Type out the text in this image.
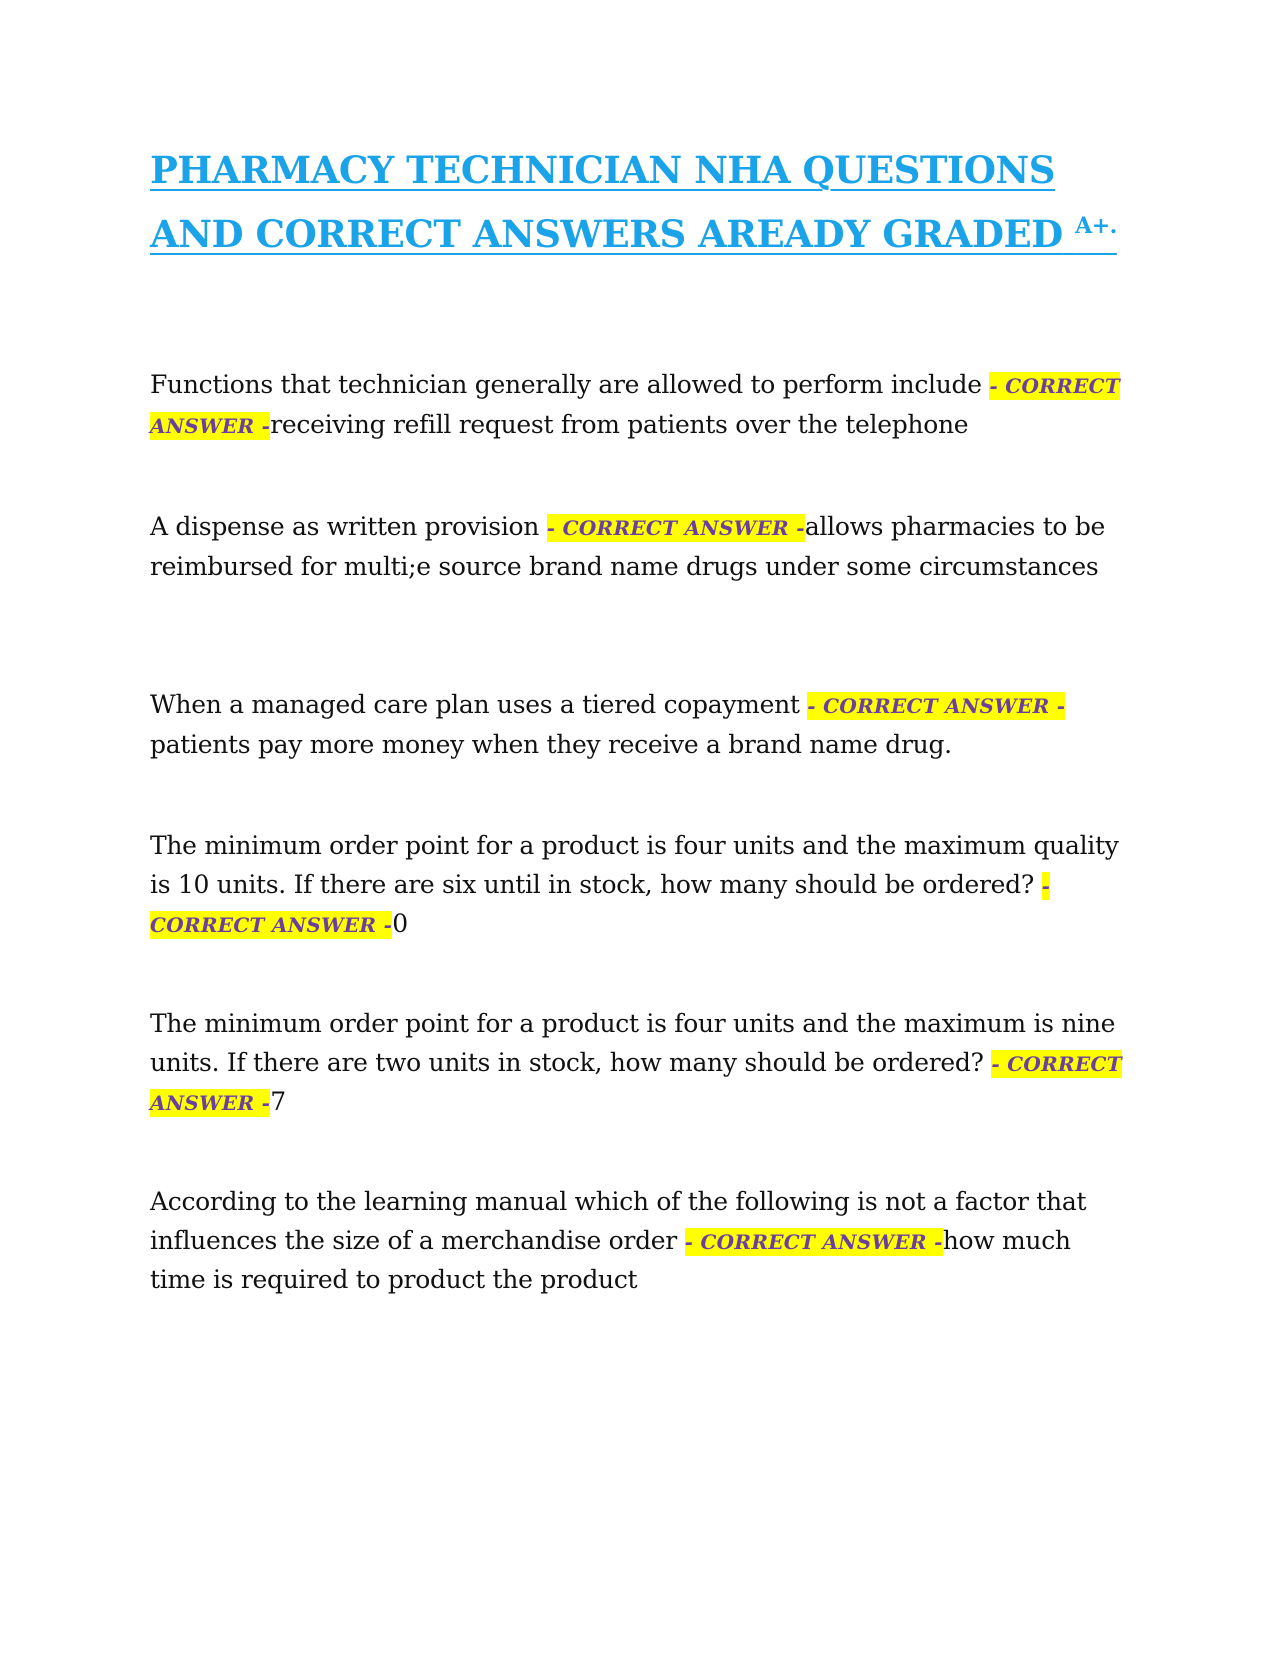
PHARMACY TECHNICIAN NHA QUESTIONS AND CORRECT ANSWERS AREADY GRADED $^{A+.}$

Functions that technician generally are allowed to perform include - CORRECT ANSWER -receiving refill request from patients over the telephone

A dispense as written provision - CORRECT ANSWER -allows pharmacies to be reimbursed for multi;e source brand name drugs under some circumstances

When a managed care plan uses a tiered copayment - CORRECT ANSWER - patients pay more money when they receive a brand name drug.

The minimum order point for a product is four units and the maximum quality is 10 units. If there are six until in stock, how many should be ordered? - CORRECT ANSWER -0

The minimum order point for a product is four units and the maximum is nine units. If there are two units in stock, how many should be ordered? - CORRECT ANSWER -7

According to the learning manual which of the following is not a factor that influences the size of a merchandise order - CORRECT ANSWER -how much time is required to product the product
